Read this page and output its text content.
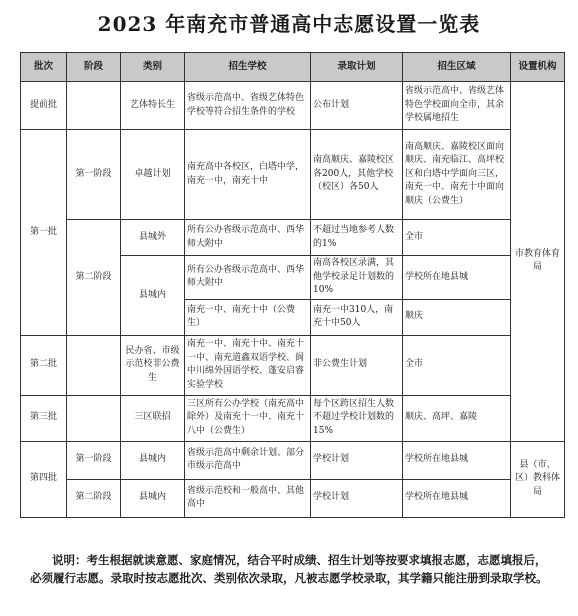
2023 年南充市普通高中志愿设置一览表
批次	阶段	类别	招生学校	录取计划	招生区域	设置机构
提前批		艺体特长生	省级示范高中、省级艺体特色学校等符合招生条件的学校	公布计划	省级示范高中、省级艺体特色学校面向全市，其余学校属地招生	市教育体育局
第一批	第一阶段	卓越计划	南充高中各校区，白塔中学，南充一中，南充十中	南高顺庆、嘉陵校区各200人，其他学校（校区）各50人	南高顺庆、嘉陵校区面向顺庆、南充临江、高坪校区和白塔中学面向三区，南充一中、南充十中面向顺庆（公费生）	
	第二阶段	县城外	所有公办省级示范高中、西华师大附中	不超过当地参考人数的1%	全市	
		县城内	所有公办省级示范高中、西华师大附中	南高各校区录满，其他学校录足计划数的10%	学校所在地县城	

			南充一中、南充十中（公费生）	南充一中310人，南充十中50人	顺庆	
第二批		民办省、市级示范校非公费生	南充一中、南充十中、南充十一中、南充道鑫双语学校、阆中川绵外国语学校、蓬安启睿实验学校	非公费生计划	全市	
第三批		三区联招	三区所有公办学校（南充高中除外）及南充十一中、南充十八中（公费生）	每个区跨区招生人数不超过学校计划数的15%	顺庆、高坪、嘉陵	
第四批	第一阶段	县城内	省级示范高中剩余计划、部分市级示范高中	学校计划	学校所在地县城	县（市、区）教科体局
	第二阶段	县城内	省级示范校和一般高中、其他高中	学校计划	学校所在地县城	
说明：考生根据就读意愿、家庭情况，结合平时成绩、招生计划等按要求填报志愿，志愿填报后，必须履行志愿。录取时按志愿批次、类别依次录取，凡被志愿学校录取，其学籍只能注册到录取学校。
